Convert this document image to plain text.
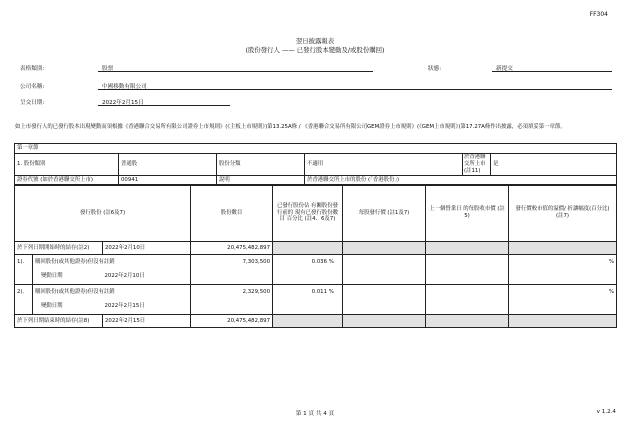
FF304
翌日披露報表
(股份發行人 —— 已發行股本變動及/或股份購回)
表格類別:	股票	狀態:	新提交
公司名稱:	中國移動有限公司
呈交日期:	2022年2月15日
如上市發行人的已發行股本出現變動而須根據《香港聯合交易所有限公司證券上市規則》(《主板上市規則》)第13.25A條 / 《香港聯合交易所有限公司GEM證券上市規則》(《GEM上市規則》)第17.27A條作出披露，必須填妥第一章節。
第一章節					
1. 股份類別	普通股	股份分類	不適用	於香港聯交所上市(註11)	是
證券代號 (如於香港聯交所上市)	00941	說明	於香港聯交所上市的股份 (「香港股份」)		
發行股份 (註6及7)			股份數目	已發行股份佔 有關股份發行前的 現有已發行股份數目 百分比 (註4、6及7)	每股發行價 (註1及7)	上一個營業日 的每股收市價 (註5)	發行價較市值的溢價/ 折讓幅度(百分比) (註7)
於下列日期開始時的結存(註2)		2022年2月10日	20,475,482,897				
1).	購回股份(或其他證券)但沒有註銷		7,303,500	0.036 %			%
	變動日期	2022年2月10日					
2).	購回股份(或其他證券)但沒有註銷		2,329,500	0.011 %			%
	變動日期	2022年2月15日					
於下列日期結束時的結存(註8)		2022年2月15日	20,475,482,897				
第 1 頁 共 4 頁	v 1.2.4
